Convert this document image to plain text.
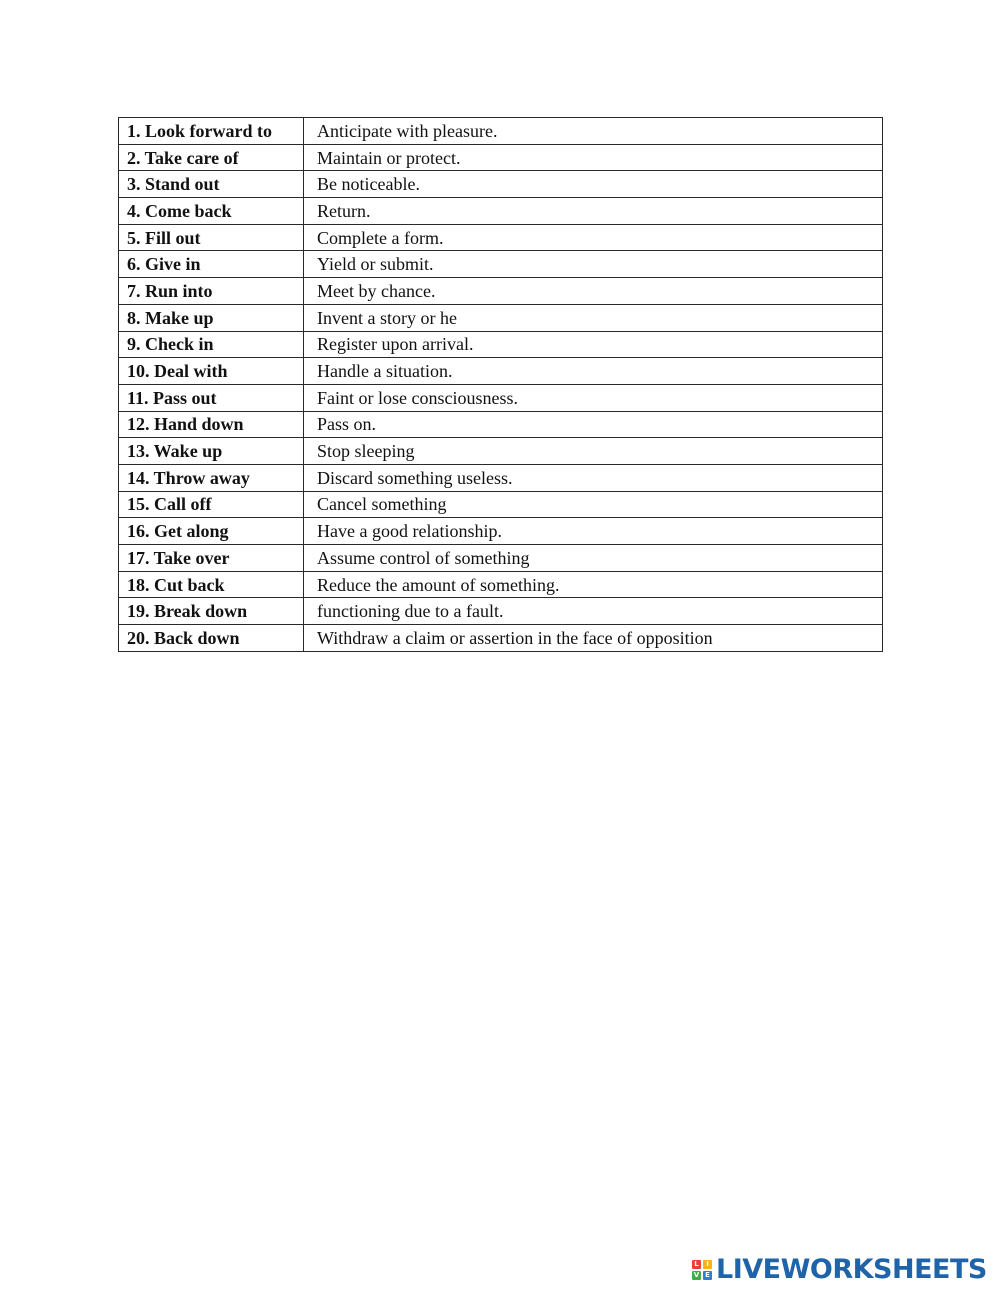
1. Look forward to	Anticipate with pleasure.
2. Take care of	Maintain or protect.
3. Stand out	Be noticeable.
4. Come back	Return.
5. Fill out	Complete a form.
6. Give in	Yield or submit.
7. Run into	Meet by chance.
8. Make up	Invent a story or he
9. Check in	Register upon arrival.
10. Deal with	Handle a situation.
11. Pass out	Faint or lose consciousness.
12. Hand down	Pass on.
13. Wake up	Stop sleeping
14. Throw away	Discard something useless.
15. Call off	Cancel something
16. Get along	Have a good relationship.
17. Take over	Assume control of something
18. Cut back	Reduce the amount of something.
19. Break down	functioning due to a fault.
20. Back down	Withdraw a claim or assertion in the face of opposition
L	I
V E LIVEWORKSHEETS
